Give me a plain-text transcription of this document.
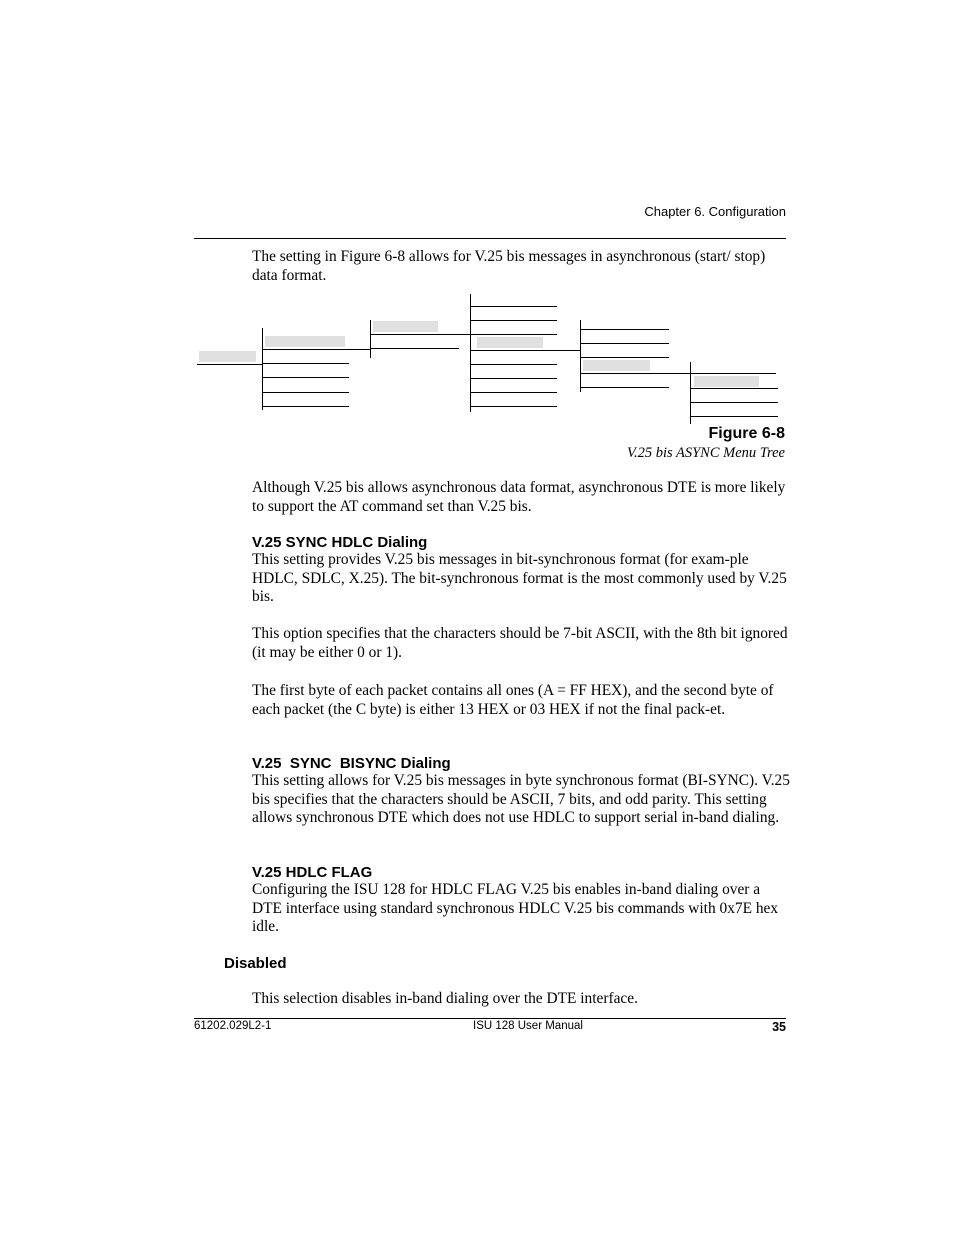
Chapter 6. Configuration
The setting in Figure 6-8 allows for V.25 bis messages in asynchronous (start/ stop) data format.
Figure 6-8
V.25 bis ASYNC Menu Tree
Although V.25 bis allows asynchronous data format, asynchronous DTE is more likely to support the AT command set than V.25 bis.
V.25 SYNC HDLC Dialing
This setting provides V.25 bis messages in bit-synchronous format (for exam-ple HDLC, SDLC, X.25). The bit-synchronous format is the most commonly used by V.25 bis.
This option specifies that the characters should be 7-bit ASCII, with the 8th bit ignored (it may be either 0 or 1).
The first byte of each packet contains all ones (A = FF HEX), and the second byte of each packet (the C byte) is either 13 HEX or 03 HEX if not the final pack-et.
V.25  SYNC  BISYNC Dialing
This setting allows for V.25 bis messages in byte synchronous format (BI-SYNC). V.25 bis specifies that the characters should be ASCII, 7 bits, and odd parity. This setting allows synchronous DTE which does not use HDLC to support serial in-band dialing.
V.25 HDLC FLAG
Configuring the ISU 128 for HDLC FLAG V.25 bis enables in-band dialing over a DTE interface using standard synchronous HDLC V.25 bis commands with 0x7E hex idle.
Disabled
This selection disables in-band dialing over the DTE interface.
61202.029L2-1	ISU 128 User Manual	35
